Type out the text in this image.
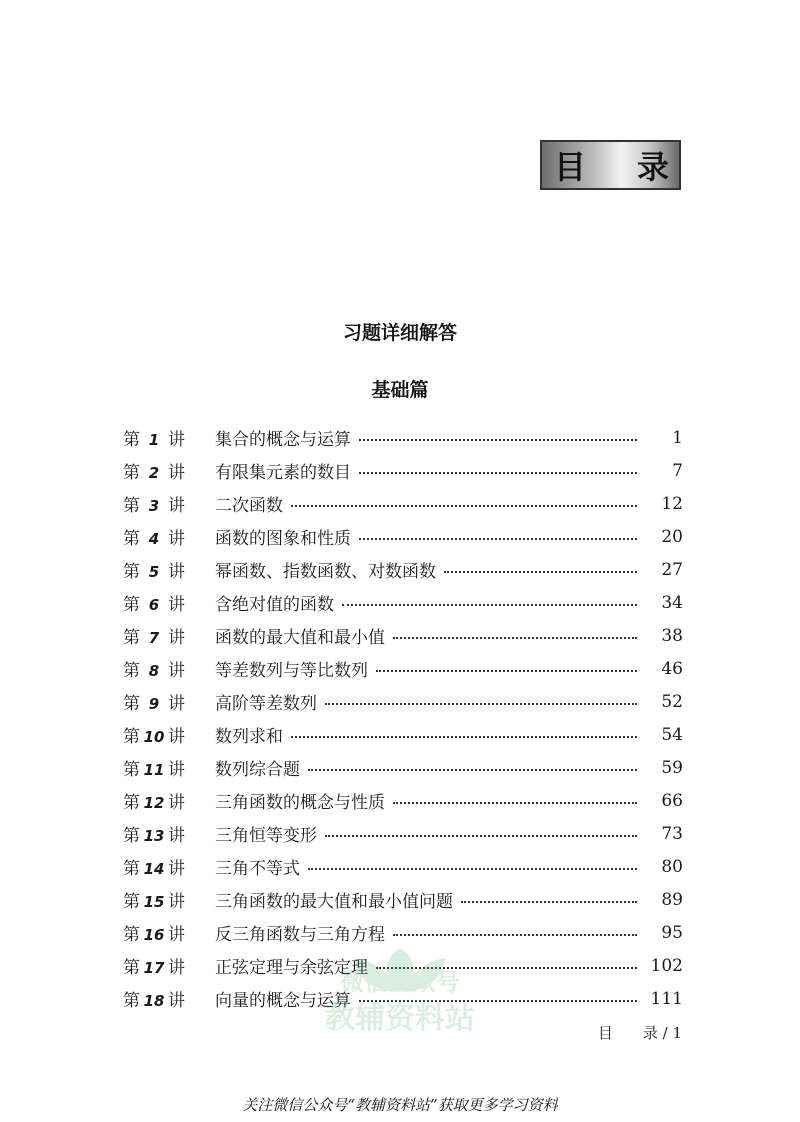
目 录
习题详细解答
基础篇
第 1 讲	集合的概念与运算	1
第 2 讲	有限集元素的数目	7
第 3 讲	二次函数	12
第 4 讲	函数的图象和性质	20
第 5 讲	幂函数、指数函数、对数函数	27
第 6 讲	含绝对值的函数	34
第 7 讲	函数的最大值和最小值	38
第 8 讲	等差数列与等比数列	46
第 9 讲	高阶等差数列	52
第 10 讲	数列求和	54
第 11 讲	数列综合题	59
第 12 讲	三角函数的概念与性质	66
第 13 讲	三角恒等变形	73
第 14 讲	三角不等式	80
第 15 讲	三角函数的最大值和最小值问题	89
第 16 讲	反三角函数与三角方程	95
第 17 讲	正弦定理与余弦定理	102
第 18 讲	向量的概念与运算	111
微信公众号
教辅资料站	目　　录 / 1
关注微信公众号“教辅资料站”获取更多学习资料
